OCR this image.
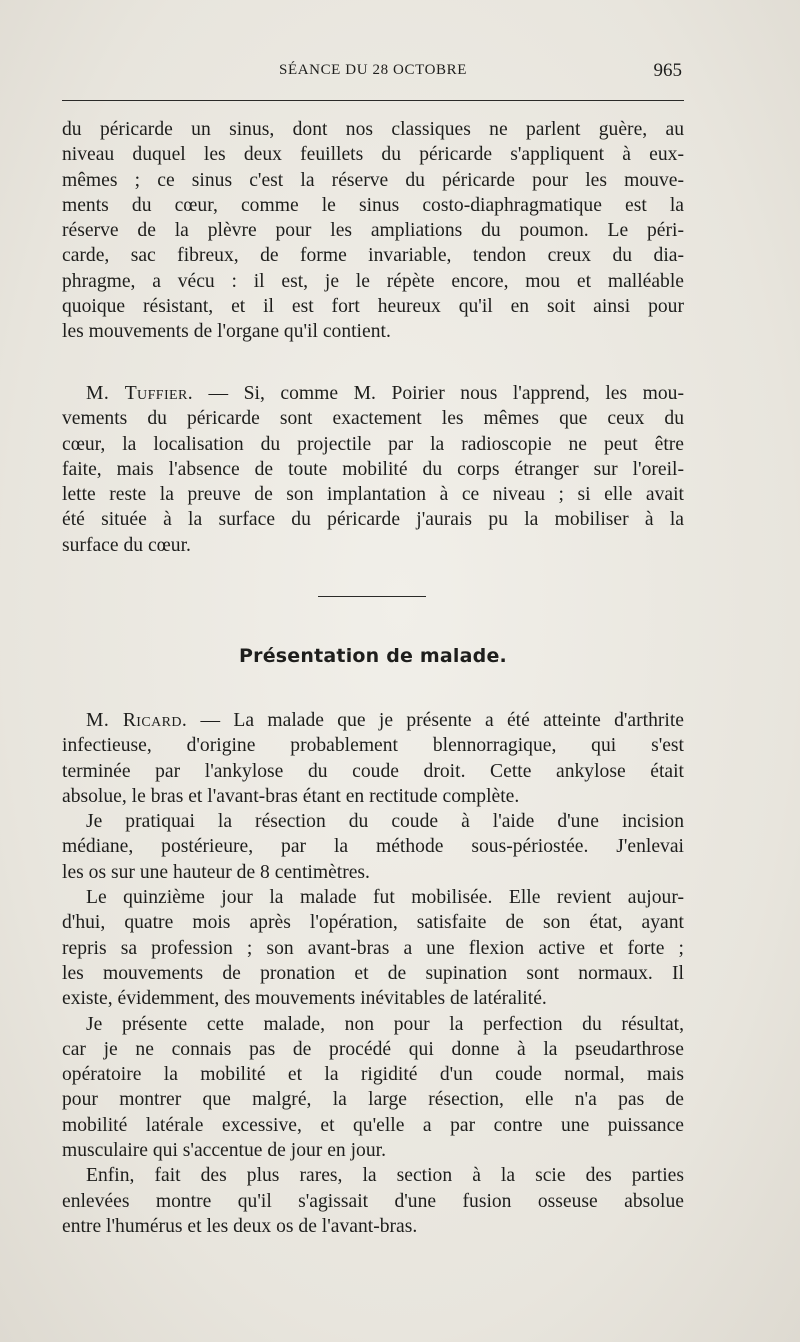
SÉANCE DU 28 OCTOBRE	965
du péricarde un sinus, dont nos classiques ne parlent guère, au
niveau duquel les deux feuillets du péricarde s'appliquent à eux-
mêmes ; ce sinus c'est la réserve du péricarde pour les mouve-
ments du cœur, comme le sinus costo-diaphragmatique est la
réserve de la plèvre pour les ampliations du poumon. Le péri-
carde, sac fibreux, de forme invariable, tendon creux du dia-
phragme, a vécu : il est, je le répète encore, mou et malléable
quoique résistant, et il est fort heureux qu'il en soit ainsi pour
les mouvements de l'organe qu'il contient.
M. Tuffier. — Si, comme M. Poirier nous l'apprend, les mou-
vements du péricarde sont exactement les mêmes que ceux du
cœur, la localisation du projectile par la radioscopie ne peut être
faite, mais l'absence de toute mobilité du corps étranger sur l'oreil-
lette reste la preuve de son implantation à ce niveau ; si elle avait
été située à la surface du péricarde j'aurais pu la mobiliser à la
surface du cœur.
Présentation de malade.
M. Ricard. — La malade que je présente a été atteinte d'arthrite
infectieuse, d'origine probablement blennorragique, qui s'est
terminée par l'ankylose du coude droit. Cette ankylose était
absolue, le bras et l'avant-bras étant en rectitude complète.
Je pratiquai la résection du coude à l'aide d'une incision
médiane, postérieure, par la méthode sous-périostée. J'enlevai
les os sur une hauteur de 8 centimètres.
Le quinzième jour la malade fut mobilisée. Elle revient aujour-
d'hui, quatre mois après l'opération, satisfaite de son état, ayant
repris sa profession ; son avant-bras a une flexion active et forte ;
les mouvements de pronation et de supination sont normaux. Il
existe, évidemment, des mouvements inévitables de latéralité.
Je présente cette malade, non pour la perfection du résultat,
car je ne connais pas de procédé qui donne à la pseudarthrose
opératoire la mobilité et la rigidité d'un coude normal, mais
pour montrer que malgré, la large résection, elle n'a pas de
mobilité latérale excessive, et qu'elle a par contre une puissance
musculaire qui s'accentue de jour en jour.
Enfin, fait des plus rares, la section à la scie des parties
enlevées montre qu'il s'agissait d'une fusion osseuse absolue
entre l'humérus et les deux os de l'avant-bras.
